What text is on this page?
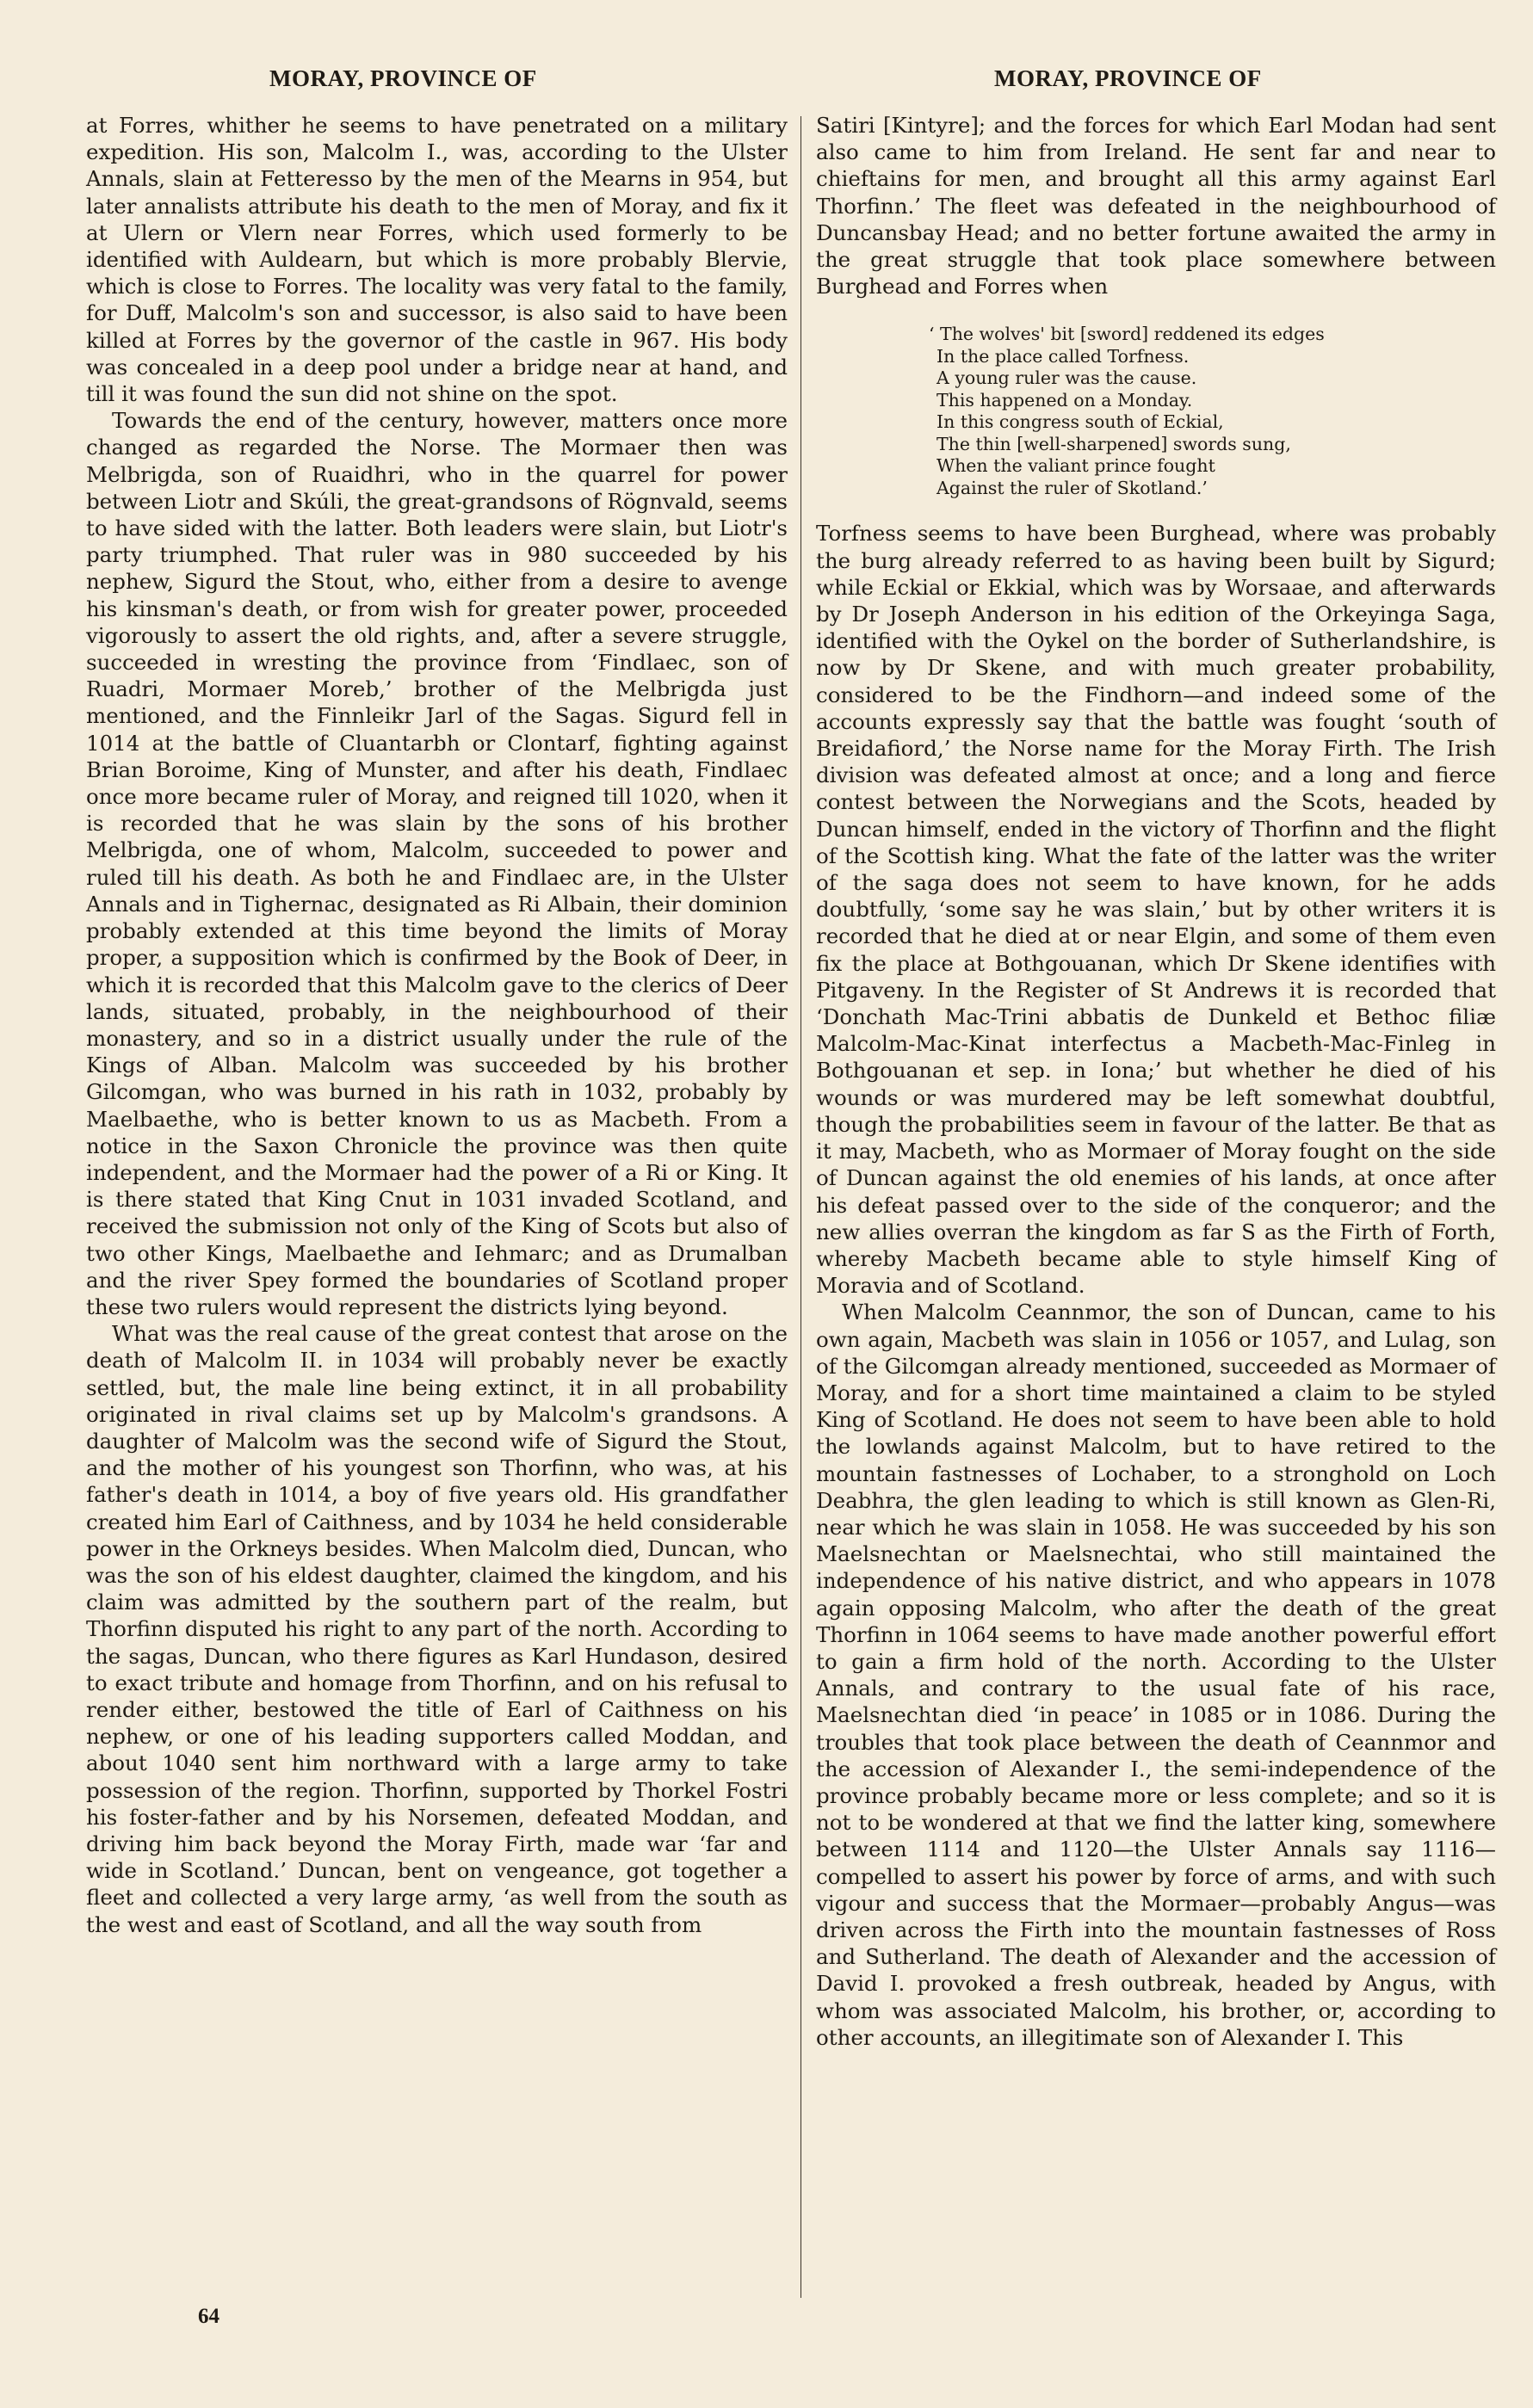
MORAY, PROVINCE OF	MORAY, PROVINCE OF

at Forres, whither he seems to have penetrated on a military expedition. His son, Malcolm I., was, according to the Ulster Annals, slain at Fetteresso by the men of the Mearns in 954, but later annalists attribute his death to the men of Moray, and fix it at Ulern or Vlern near Forres, which used formerly to be identified with Auldearn, but which is more probably Blervie, which is close to Forres. The locality was very fatal to the family, for Duff, Malcolm's son and successor, is also said to have been killed at Forres by the governor of the castle in 967. His body was concealed in a deep pool under a bridge near at hand, and till it was found the sun did not shine on the spot.

Towards the end of the century, however, matters once more changed as regarded the Norse. The Mormaer then was Melbrigda, son of Ruaidhri, who in the quarrel for power between Liotr and Skúli, the great-grandsons of Rögnvald, seems to have sided with the latter. Both leaders were slain, but Liotr's party triumphed. That ruler was in 980 succeeded by his nephew, Sigurd the Stout, who, either from a desire to avenge his kinsman's death, or from wish for greater power, proceeded vigorously to assert the old rights, and, after a severe struggle, succeeded in wresting the province from ‘Findlaec, son of Ruadri, Mormaer Moreb,’ brother of the Melbrigda just mentioned, and the Finnleikr Jarl of the Sagas. Sigurd fell in 1014 at the battle of Cluantarbh or Clontarf, fighting against Brian Boroime, King of Munster, and after his death, Findlaec once more became ruler of Moray, and reigned till 1020, when it is recorded that he was slain by the sons of his brother Melbrigda, one of whom, Malcolm, succeeded to power and ruled till his death. As both he and Findlaec are, in the Ulster Annals and in Tighernac, designated as Ri Albain, their dominion probably extended at this time beyond the limits of Moray proper, a supposition which is confirmed by the Book of Deer, in which it is recorded that this Malcolm gave to the clerics of Deer lands, situated, probably, in the neighbourhood of their monastery, and so in a district usually under the rule of the Kings of Alban. Malcolm was succeeded by his brother Gilcomgan, who was burned in his rath in 1032, probably by Maelbaethe, who is better known to us as Macbeth. From a notice in the Saxon Chronicle the province was then quite independent, and the Mormaer had the power of a Ri or King. It is there stated that King Cnut in 1031 invaded Scotland, and received the submission not only of the King of Scots but also of two other Kings, Maelbaethe and Iehmarc; and as Drumalban and the river Spey formed the boundaries of Scotland proper these two rulers would represent the districts lying beyond.

What was the real cause of the great contest that arose on the death of Malcolm II. in 1034 will probably never be exactly settled, but, the male line being extinct, it in all probability originated in rival claims set up by Malcolm's grandsons. A daughter of Malcolm was the second wife of Sigurd the Stout, and the mother of his youngest son Thorfinn, who was, at his father's death in 1014, a boy of five years old. His grandfather created him Earl of Caithness, and by 1034 he held considerable power in the Orkneys besides. When Malcolm died, Duncan, who was the son of his eldest daughter, claimed the kingdom, and his claim was admitted by the southern part of the realm, but Thorfinn disputed his right to any part of the north. According to the sagas, Duncan, who there figures as Karl Hundason, desired to exact tribute and homage from Thorfinn, and on his refusal to render either, bestowed the title of Earl of Caithness on his nephew, or one of his leading supporters called Moddan, and about 1040 sent him northward with a large army to take possession of the region. Thorfinn, supported by Thorkel Fostri his foster-father and by his Norsemen, defeated Moddan, and driving him back beyond the Moray Firth, made war ‘far and wide in Scotland.’ Duncan, bent on vengeance, got together a fleet and collected a very large army, ‘as well from the south as the west and east of Scotland, and all the way south from

Satiri [Kintyre]; and the forces for which Earl Modan had sent also came to him from Ireland. He sent far and near to chieftains for men, and brought all this army against Earl Thorfinn.’ The fleet was defeated in the neighbourhood of Duncansbay Head; and no better fortune awaited the army in the great struggle that took place somewhere between Burghead and Forres when

‘ The wolves' bit [sword] reddened its edges
In the place called Torfness.
A young ruler was the cause.
This happened on a Monday.
In this congress south of Eckial,
The thin [well-sharpened] swords sung,
When the valiant prince fought
Against the ruler of Skotland.’

Torfness seems to have been Burghead, where was probably the burg already referred to as having been built by Sigurd; while Eckial or Ekkial, which was by Worsaae, and afterwards by Dr Joseph Anderson in his edition of the Orkeyinga Saga, identified with the Oykel on the border of Sutherlandshire, is now by Dr Skene, and with much greater probability, considered to be the Findhorn—and indeed some of the accounts expressly say that the battle was fought ‘south of Breidafiord,’ the Norse name for the Moray Firth. The Irish division was defeated almost at once; and a long and fierce contest between the Norwegians and the Scots, headed by Duncan himself, ended in the victory of Thorfinn and the flight of the Scottish king. What the fate of the latter was the writer of the saga does not seem to have known, for he adds doubtfully, ‘some say he was slain,’ but by other writers it is recorded that he died at or near Elgin, and some of them even fix the place at Bothgouanan, which Dr Skene identifies with Pitgaveny. In the Register of St Andrews it is recorded that ‘Donchath Mac-Trini abbatis de Dunkeld et Bethoc filiæ Malcolm-Mac-Kinat interfectus a Macbeth-Mac-Finleg in Bothgouanan et sep. in Iona;’ but whether he died of his wounds or was murdered may be left somewhat doubtful, though the probabilities seem in favour of the latter. Be that as it may, Macbeth, who as Mormaer of Moray fought on the side of Duncan against the old enemies of his lands, at once after his defeat passed over to the side of the conqueror; and the new allies overran the kingdom as far S as the Firth of Forth, whereby Macbeth became able to style himself King of Moravia and of Scotland.

When Malcolm Ceannmor, the son of Duncan, came to his own again, Macbeth was slain in 1056 or 1057, and Lulag, son of the Gilcomgan already mentioned, succeeded as Mormaer of Moray, and for a short time maintained a claim to be styled King of Scotland. He does not seem to have been able to hold the lowlands against Malcolm, but to have retired to the mountain fastnesses of Lochaber, to a stronghold on Loch Deabhra, the glen leading to which is still known as Glen-Ri, near which he was slain in 1058. He was succeeded by his son Maelsnechtan or Maelsnechtai, who still maintained the independence of his native district, and who appears in 1078 again opposing Malcolm, who after the death of the great Thorfinn in 1064 seems to have made another powerful effort to gain a firm hold of the north. According to the Ulster Annals, and contrary to the usual fate of his race, Maelsnechtan died ‘in peace’ in 1085 or in 1086. During the troubles that took place between the death of Ceannmor and the accession of Alexander I., the semi-independence of the province probably became more or less complete; and so it is not to be wondered at that we find the latter king, somewhere between 1114 and 1120—the Ulster Annals say 1116—compelled to assert his power by force of arms, and with such vigour and success that the Mormaer—probably Angus—was driven across the Firth into the mountain fastnesses of Ross and Sutherland. The death of Alexander and the accession of David I. provoked a fresh outbreak, headed by Angus, with whom was associated Malcolm, his brother, or, according to other accounts, an illegitimate son of Alexander I. This

64
